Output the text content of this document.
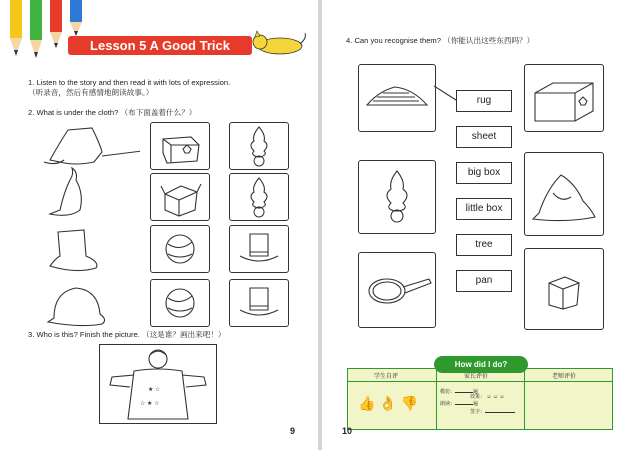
Lesson 5 A Good Trick
1. Listen to the story and then read it with lots of expression.
（听录音，然后有感情地朗读故事。）
2. What is under the cloth? （布下面盖着什么？）
3. Who is this? Finish the picture. （这是谁？画出来吧！）
★ ☆
☆ ★ ☆
9
4. Can you recognise them? （你能认出这些东西吗？）
rug
sheet
big box
little box
tree
pan
学生自评	家长评价	老师评价
👍 👌 👎
模仿：	遍
朗读：	遍
效果： ☺ ☺ ☺
签字：
How did I do?
10
